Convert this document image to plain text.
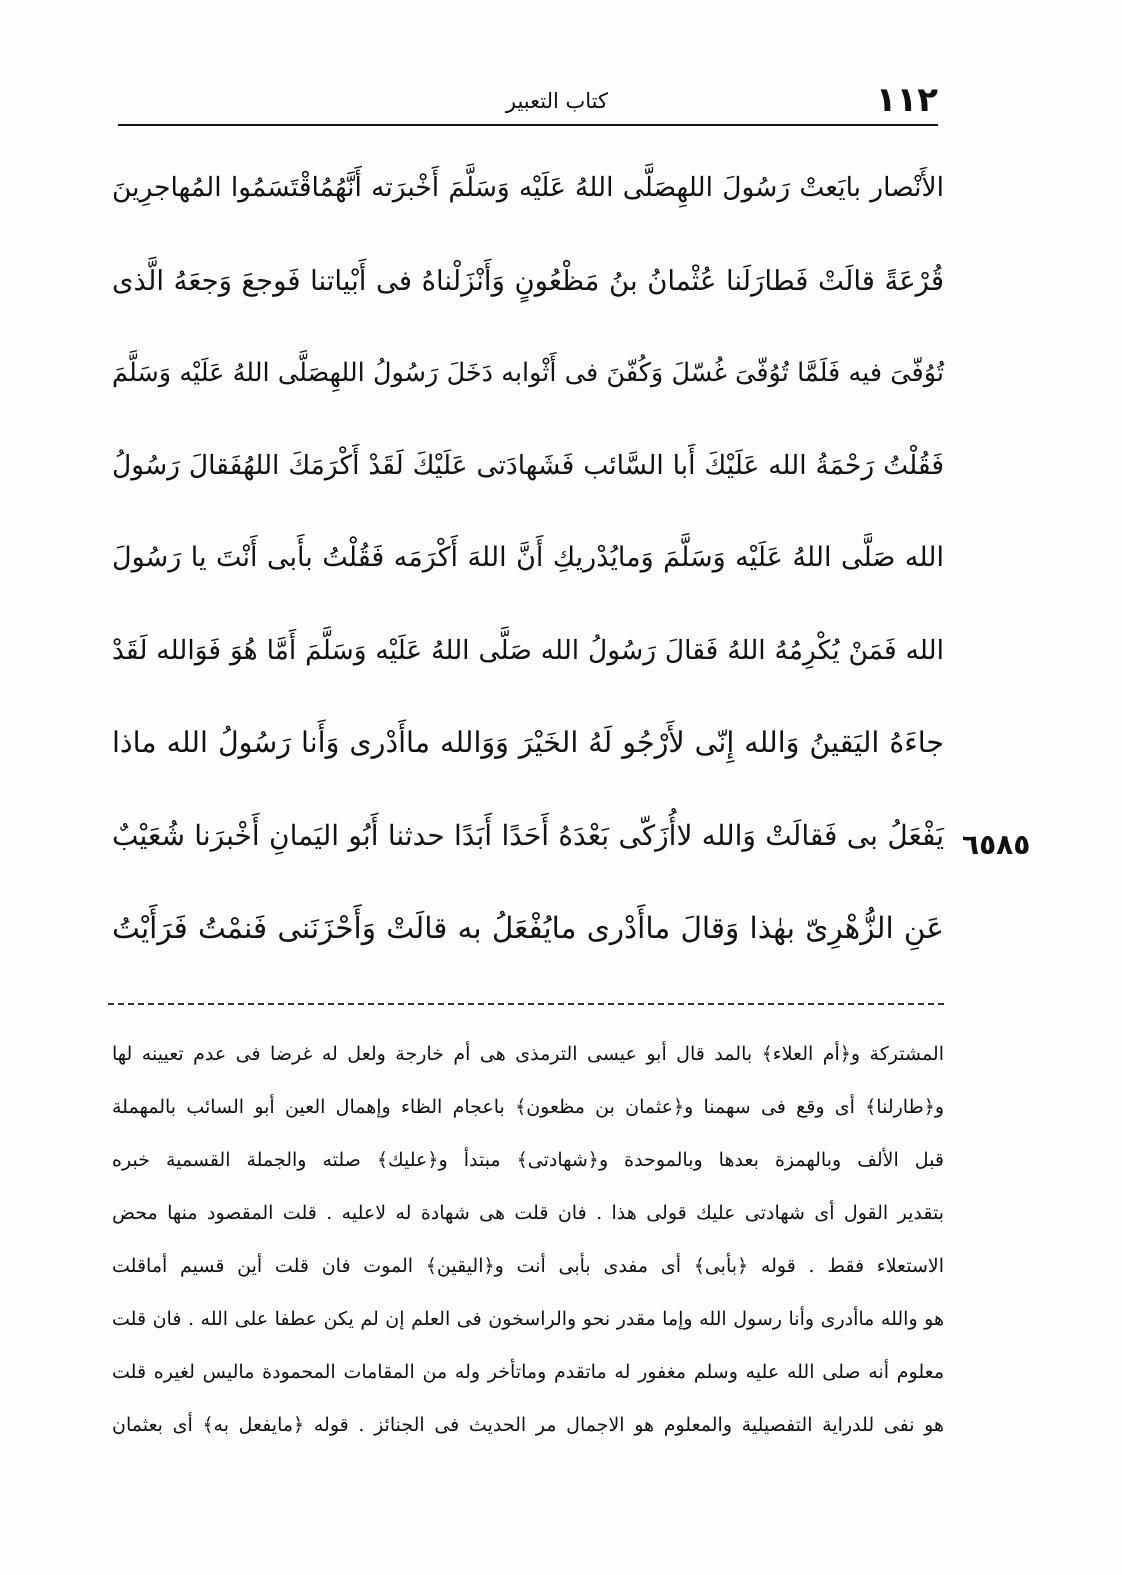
١١٢
كتاب التعبير
الأَنْصار بايَعتْ رَسُولَ اللهِصَلَّى اللهُ عَلَيْه وَسَلَّمَ أَخْبرَته أَنَّهُمُاقْتَسَمُوا المُهاجرِينَ
قُرْعَةً قالَتْ فَطارَلَنا عُثْمانُ بنُ مَظْعُونٍ وَأَنْزَلْناهُ فى أَبْياتنا فَوجعَ وَجعَهُ الَّذى
تُوُفّىَ فيه فَلَمَّا تُوُفّىَ غُسّلَ وَكُفّنَ فى أَثْوابه دَخَلَ رَسُولُ اللهِصَلَّى اللهُ عَلَيْه وَسَلَّمَ
فَقُلْتُ رَحْمَةُ الله عَلَيْكَ أَبا السَّائب فَشَهادَتى عَلَيْكَ لَقَدْ أَكْرَمَكَ اللهُفَقالَ رَسُولُ
الله صَلَّى اللهُ عَلَيْه وَسَلَّمَ وَمايُدْريكِ أَنَّ اللهَ أَكْرَمَه فَقُلْتُ بأَبى أَنْتَ يا رَسُولَ
الله فَمَنْ يُكْرِمُهُ اللهُ فَقالَ رَسُولُ الله صَلَّى اللهُ عَلَيْه وَسَلَّمَ أَمَّا هُوَ فَوَالله لَقَدْ
جاءَهُ اليَقينُ وَالله إِنّى لأَرْجُو لَهُ الخَيْرَ وَوَالله ماأَدْرى وَأَنا رَسُولُ الله ماذا
يَفْعَلُ بى فَقالَتْ وَالله لاأُزَكّى بَعْدَهُ أَحَدًا أَبَدًا حدثنا أَبُو اليَمانِ أَخْبرَنا شُعَيْبٌ
عَنِ الزُّهْرِىّ بهٰذا وَقالَ ماأَدْرى مايُفْعَلُ به قالَتْ وَأَحْزَنَنى فَنمْتُ فَرَأَيْتُ
٦٥٨٥
المشتركة و﴿أم العلاء﴾ بالمد قال أبو عيسى الترمذى هى أم خارجة ولعل له غرضا فى عدم تعيينه لها
و﴿طارلنا﴾ أى وقع فى سهمنا و﴿عثمان بن مظعون﴾ باعجام الظاء وإهمال العين أبو السائب بالمهملة
قبل الألف وبالهمزة بعدها وبالموحدة و﴿شهادتى﴾ مبتدأ و﴿عليك﴾ صلته والجملة القسمية خبره
بتقدير القول أى شهادتى عليك قولى هذا . فان قلت هى شهادة له لاعليه . قلت المقصود منها محض
الاستعلاء فقط . قوله ﴿بأبى﴾ أى مفدى بأبى أنت و﴿اليقين﴾ الموت فان قلت أين قسيم أماقلت
هو والله ماأدرى وأنا رسول الله وإما مقدر نحو والراسخون فى العلم إن لم يكن عطفا على الله . فان قلت
معلوم أنه صلى الله عليه وسلم مغفور له ماتقدم وماتأخر وله من المقامات المحمودة ماليس لغيره قلت
هو نفى للدراية التفصيلية والمعلوم هو الاجمال مر الحديث فى الجنائز . قوله ﴿مايفعل به﴾ أى بعثمان
